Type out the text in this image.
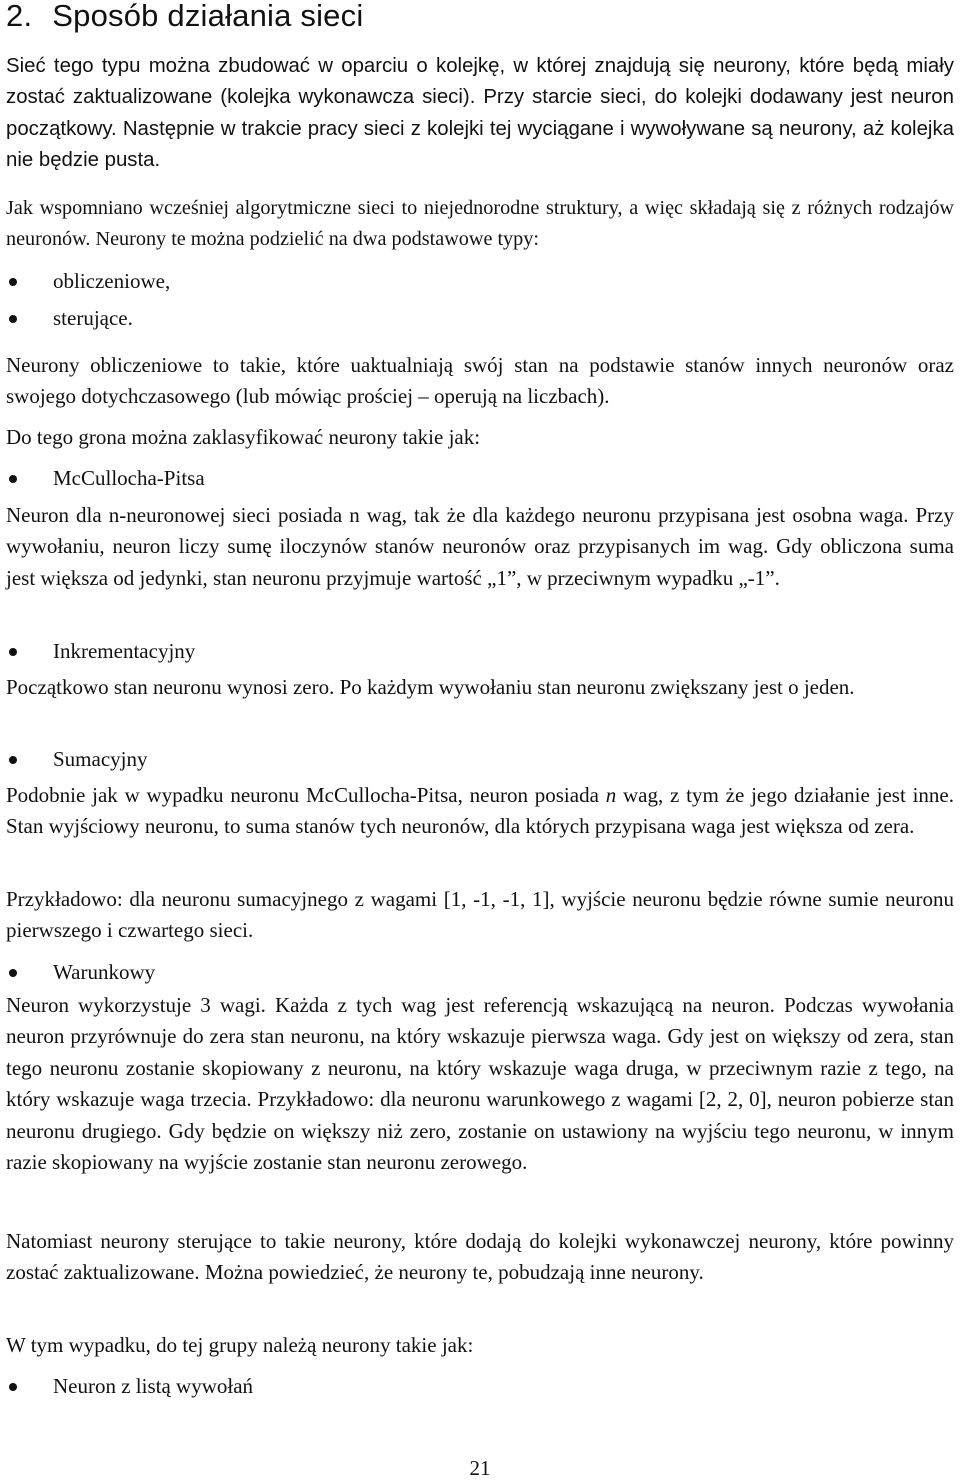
2. Sposób działania sieci

Sieć tego typu można zbudować w oparciu o kolejkę, w której znajdują się neurony, które będą miały zostać zaktualizowane (kolejka wykonawcza sieci). Przy starcie sieci, do kolejki dodawany jest neuron początkowy. Następnie w trakcie pracy sieci z kolejki tej wyciągane i wywoływane są neurony, aż kolejka nie będzie pusta.

Jak wspomniano wcześniej algorytmiczne sieci to niejednorodne struktury, a więc składają się z różnych rodzajów neuronów. Neurony te można podzielić na dwa podstawowe typy:

obliczeniowe,
sterujące.

Neurony obliczeniowe to takie, które uaktualniają swój stan na podstawie stanów innych neuronów oraz swojego dotychczasowego (lub mówiąc prościej – operują na liczbach).

Do tego grona można zaklasyfikować neurony takie jak:

McCullocha-Pitsa

Neuron dla n-neuronowej sieci posiada n wag, tak że dla każdego neuronu przypisana jest osobna waga. Przy wywołaniu, neuron liczy sumę iloczynów stanów neuronów oraz przypisanych im wag. Gdy obliczona suma jest większa od jedynki, stan neuronu przyjmuje wartość „1”, w przeciwnym wypadku „-1”.

Inkrementacyjny

Początkowo stan neuronu wynosi zero. Po każdym wywołaniu stan neuronu zwiększany jest o jeden.

Sumacyjny

Podobnie jak w wypadku neuronu McCullocha-Pitsa, neuron posiada n wag, z tym że jego działanie jest inne. Stan wyjściowy neuronu, to suma stanów tych neuronów, dla których przypisana waga jest większa od zera.

Przykładowo: dla neuronu sumacyjnego z wagami [1, -1, -1, 1], wyjście neuronu będzie równe sumie neuronu pierwszego i czwartego sieci.

Warunkowy

Neuron wykorzystuje 3 wagi. Każda z tych wag jest referencją wskazującą na neuron. Podczas wywołania neuron przyrównuje do zera stan neuronu, na który wskazuje pierwsza waga. Gdy jest on większy od zera, stan tego neuronu zostanie skopiowany z neuronu, na który wskazuje waga druga, w przeciwnym razie z tego, na który wskazuje waga trzecia. Przykładowo: dla neuronu warunkowego z wagami [2, 2, 0], neuron pobierze stan neuronu drugiego. Gdy będzie on większy niż zero, zostanie on ustawiony na wyjściu tego neuronu, w innym razie skopiowany na wyjście zostanie stan neuronu zerowego.

Natomiast neurony sterujące to takie neurony, które dodają do kolejki wykonawczej neurony, które powinny zostać zaktualizowane. Można powiedzieć, że neurony te, pobudzają inne neurony.

W tym wypadku, do tej grupy należą neurony takie jak:

Neuron z listą wywołań
21
